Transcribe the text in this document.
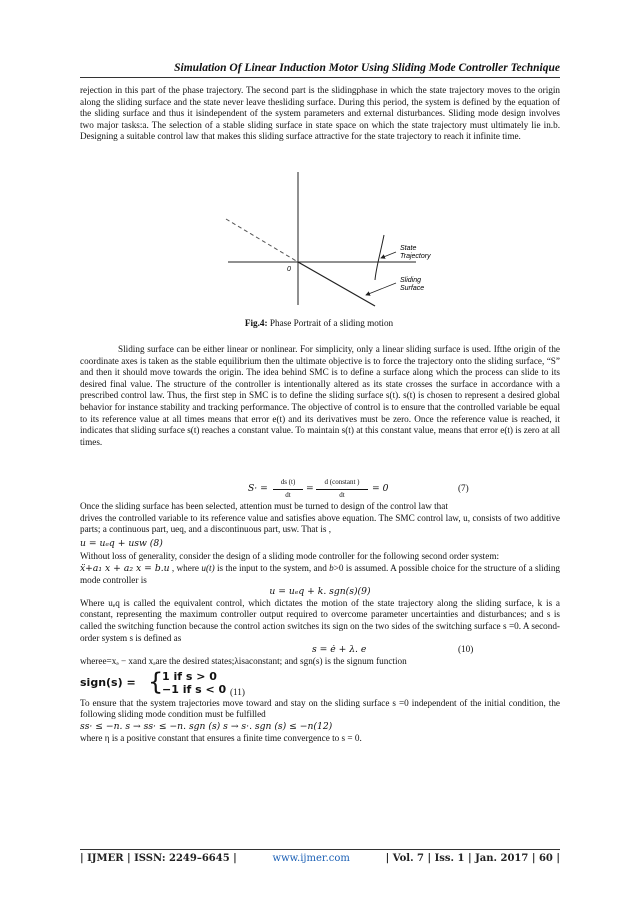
Simulation Of Linear Induction Motor Using Sliding Mode Controller Technique

rejection in this part of the phase trajectory. The second part is the slidingphase in which the state trajectory moves to the origin along the sliding surface and the state never leave thesliding surface. During this period, the system is defined by the equation of the sliding surface and thus it isindependent of the system parameters and external disturbances. Sliding mode design involves two major tasks:a. The selection of a stable sliding surface in state space on which the state trajectory must ultimately lie in.b. Designing a suitable control law that makes this sliding surface attractive for the state trajectory to reach it infinite time.

0
State Trajectory
Sliding Surface
Fig.4: Phase Portrait of a sliding motion

Sliding surface can be either linear or nonlinear. For simplicity, only a linear sliding surface is used. Ifthe origin of the coordinate axes is taken as the stable equilibrium then the ultimate objective is to force the trajectory onto the sliding surface, “S” and then it should move towards the origin. The idea behind SMC is to define a surface along which the process can slide to its desired final value. The structure of the controller is intentionally altered as its state crosses the surface in accordance with a prescribed control law. Thus, the first step in SMC is to define the sliding surface s(t). s(t) is chosen to represent a desired global behavior for instance stability and tracking performance. The objective of control is to ensure that the controlled variable be equal to its reference value at all times means that error e(t) and its derivatives must be zero. Once the reference value is reached, it indicates that sliding surface s(t) reaches a constant value. To maintain s(t) at this constant value, means that error e(t) is zero at all times.

S· =
ds (t)
dt
=
d (constant )
dt
= 0	(7)

Once the sliding surface has been selected, attention must be turned to design of the control law that

drives the controlled variable to its reference value and satisfies above equation. The SMC control law, u, consists of two additive parts; a continuous part, ueq, and a discontinuous part, usw. That is ,

u = uₑq + usw (8)

Without loss of generality, consider the design of a sliding mode controller for the following second order system:

ẍ+a₁ x + a₂ x = b.u , where u(t) is the input to the system, and b>0 is assumed. A possible choice for the structure of a sliding mode controller is

u = uₑq + k. sgn(s)(9)

Where uₑq is called the equivalent control, which dictates the motion of the state trajectory along the sliding surface, k is a constant, representing the maximum controller output required to overcome parameter uncertainties and disturbances; and s is called the switching function because the control action switches its sign on the two sides of the switching surface s =0. A second-order system s is defined as

s = ė + λ. e	(10)

wheree=xₔ − xand xₔare the desired states;λisaconstant; and sgn(s) is the signum function

sign(s) = {
1 if s > 0
−1 if s < 0 (11)

To ensure that the system trajectories move toward and stay on the sliding surface s =0 independent of the initial condition, the following sliding mode condition must be fulfilled

ss· ≤ −n. s → ss· ≤ −n. sgn (s) s → s·. sgn (s) ≤ −n(12)

where η is a positive constant that ensures a finite time convergence to s = 0.

| IJMER | ISSN: 2249–6645 |	www.ijmer.com	| Vol. 7 | Iss. 1 | Jan. 2017 | 60 |
